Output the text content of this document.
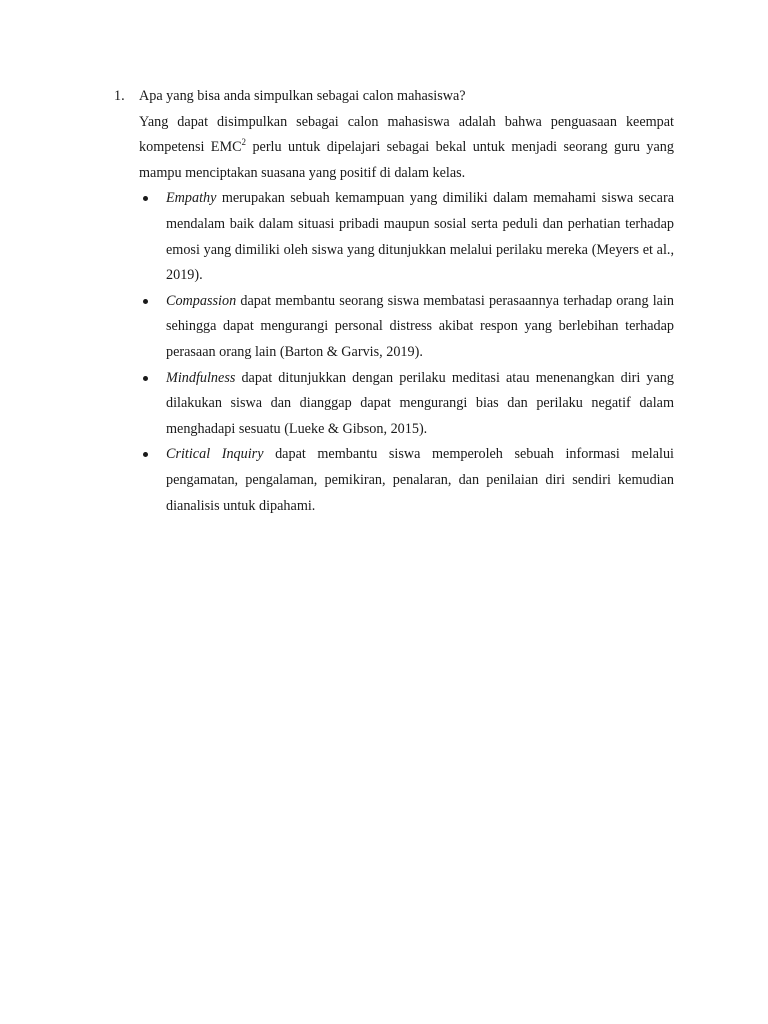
1.	Apa yang bisa anda simpulkan sebagai calon mahasiswa?
Yang dapat disimpulkan sebagai calon mahasiswa adalah bahwa penguasaan keempat kompetensi EMC$^2$ perlu untuk dipelajari sebagai bekal untuk menjadi seorang guru yang mampu menciptakan suasana yang positif di dalam kelas.
Empathy merupakan sebuah kemampuan yang dimiliki dalam memahami siswa secara mendalam baik dalam situasi pribadi maupun sosial serta peduli dan perhatian terhadap emosi yang dimiliki oleh siswa yang ditunjukkan melalui perilaku mereka (Meyers et al., 2019).
Compassion dapat membantu seorang siswa membatasi perasaannya terhadap orang lain sehingga dapat mengurangi personal distress akibat respon yang berlebihan terhadap perasaan orang lain (Barton & Garvis, 2019).
Mindfulness dapat ditunjukkan dengan perilaku meditasi atau menenangkan diri yang dilakukan siswa dan dianggap dapat mengurangi bias dan perilaku negatif dalam menghadapi sesuatu (Lueke & Gibson, 2015).
Critical Inquiry dapat membantu siswa memperoleh sebuah informasi melalui pengamatan, pengalaman, pemikiran, penalaran, dan penilaian diri sendiri kemudian dianalisis untuk dipahami.
